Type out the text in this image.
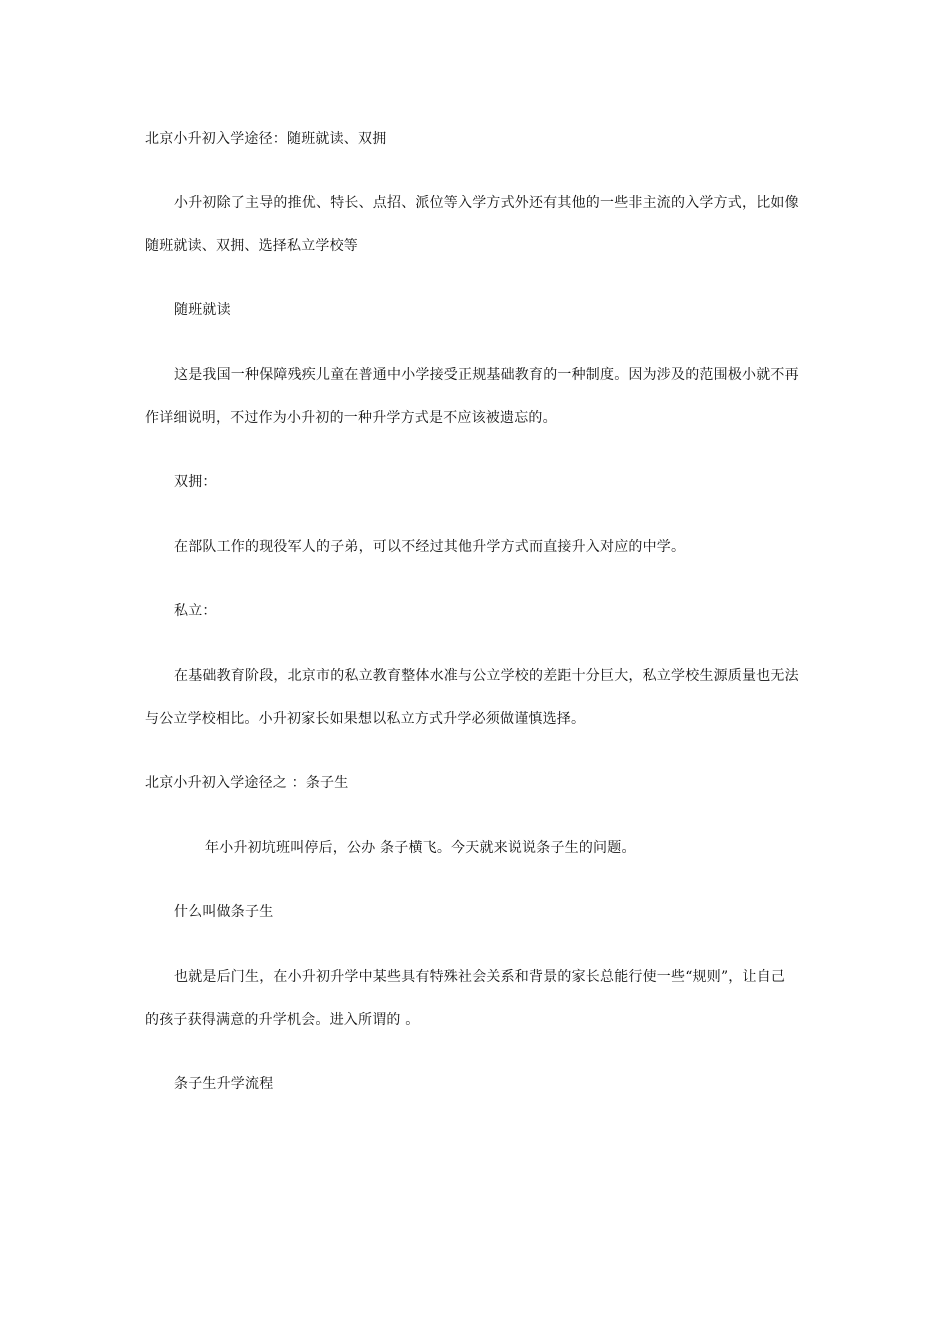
北京小升初入学途径：随班就读、双拥
小升初除了主导的推优、特长、点招、派位等入学方式外还有其他的一些非主流的入学方式，比如像
随班就读、双拥、选择私立学校等
随班就读
这是我国一种保障残疾儿童在普通中小学接受正规基础教育的一种制度。因为涉及的范围极小就不再
作详细说明，不过作为小升初的一种升学方式是不应该被遗忘的。
双拥：
在部队工作的现役军人的子弟，可以不经过其他升学方式而直接升入对应的中学。
私立：
在基础教育阶段，北京市的私立教育整体水准与公立学校的差距十分巨大，私立学校生源质量也无法
与公立学校相比。小升初家长如果想以私立方式升学必须做谨慎选择。
北京小升初入学途径之 ：条子生
年小升初坑班叫停后，公办 条子横飞。今天就来说说条子生的问题。
什么叫做条子生
也就是后门生，在小升初升学中某些具有特殊社会关系和背景的家长总能行使一些“规则”，让自己
的孩子获得满意的升学机会。进入所谓的 。
条子生升学流程
